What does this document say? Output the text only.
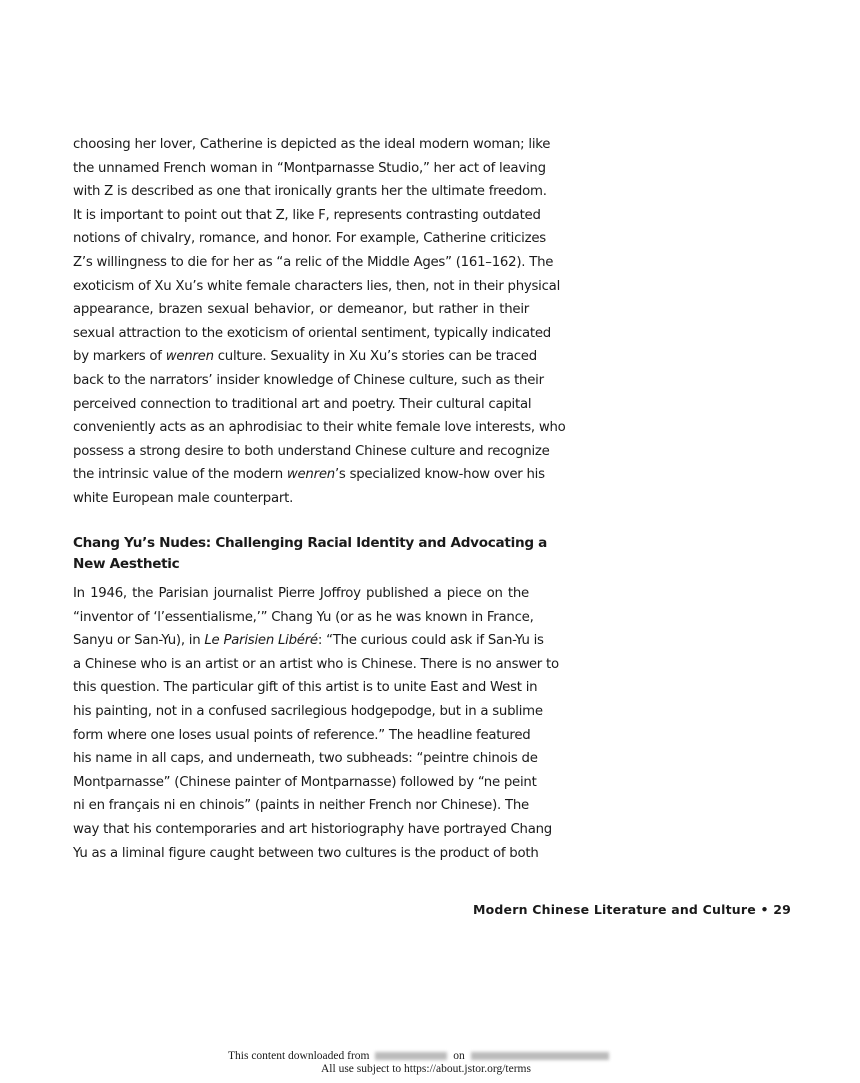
choosing her lover, Catherine is depicted as the ideal modern woman; like
the unnamed French woman in “Montparnasse Studio,” her act of leaving
with Z is described as one that ironically grants her the ultimate freedom.
It is important to point out that Z, like F, represents contrasting outdated
notions of chivalry, romance, and honor. For example, Catherine criticizes
Z’s willingness to die for her as “a relic of the Middle Ages” (161–162). The
exoticism of Xu Xu’s white female characters lies, then, not in their physical
appearance, brazen sexual behavior, or demeanor, but rather in their
sexual attraction to the exoticism of oriental sentiment, typically indicated
by markers of wenren culture. Sexuality in Xu Xu’s stories can be traced
back to the narrators’ insider knowledge of Chinese culture, such as their
perceived connection to traditional art and poetry. Their cultural capital
conveniently acts as an aphrodisiac to their white female love interests, who
possess a strong desire to both understand Chinese culture and recognize
the intrinsic value of the modern wenren’s specialized know-how over his
white European male counterpart.
Chang Yu’s Nudes: Challenging Racial Identity and Advocating a
New Aesthetic
In 1946, the Parisian journalist Pierre Joffroy published a piece on the
“inventor of ‘l’essentialisme,’” Chang Yu (or as he was known in France,
Sanyu or San-Yu), in Le Parisien Libéré: “The curious could ask if San-Yu is
a Chinese who is an artist or an artist who is Chinese. There is no answer to
this question. The particular gift of this artist is to unite East and West in
his painting, not in a confused sacrilegious hodgepodge, but in a sublime
form where one loses usual points of reference.” The headline featured
his name in all caps, and underneath, two subheads: “peintre chinois de
Montparnasse” (Chinese painter of Montparnasse) followed by “ne peint
ni en français ni en chinois” (paints in neither French nor Chinese). The
way that his contemporaries and art historiography have portrayed Chang
Yu as a liminal figure caught between two cultures is the product of both
Modern Chinese Literature and Culture • 29
This content downloaded from	on
All use subject to https://about.jstor.org/terms
